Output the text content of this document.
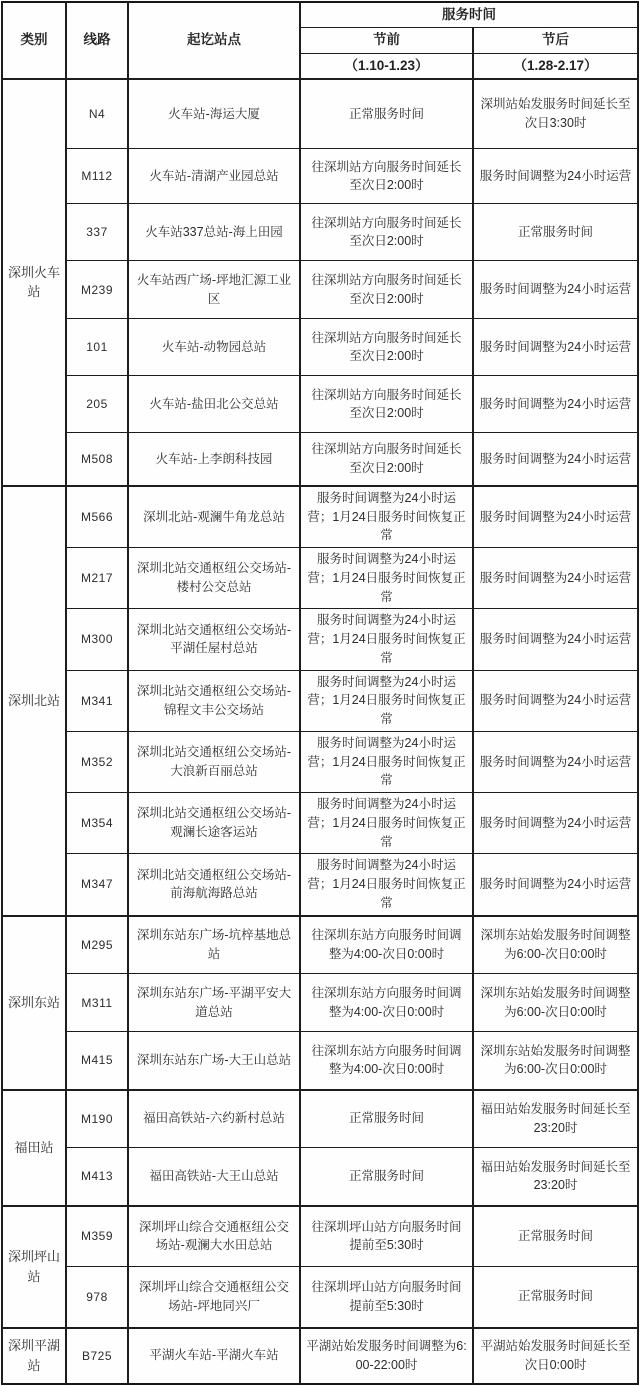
类别	线路	起讫站点	服务时间	
			节前	节后
			（1.10-1.23）	（1.28-2.17）
深圳火车站	N4	火车站-海运大厦	正常服务时间	深圳站始发服务时间延长至次日3:30时
	M112	火车站-清湖产业园总站	往深圳站方向服务时间延长至次日2:00时	服务时间调整为24小时运营
	337	火车站337总站-海上田园	往深圳站方向服务时间延长至次日2:00时	正常服务时间
	M239	火车站西广场-坪地汇源工业区	往深圳站方向服务时间延长至次日2:00时	服务时间调整为24小时运营
	101	火车站-动物园总站	往深圳站方向服务时间延长至次日2:00时	服务时间调整为24小时运营
	205	火车站-盐田北公交总站	往深圳站方向服务时间延长至次日2:00时	服务时间调整为24小时运营
	M508	火车站-上李朗科技园	往深圳站方向服务时间延长至次日2:00时	服务时间调整为24小时运营
深圳北站	M566	深圳北站-观澜牛角龙总站	服务时间调整为24小时运营；1月24日服务时间恢复正常	服务时间调整为24小时运营
	M217	深圳北站交通枢纽公交场站-楼村公交总站	服务时间调整为24小时运营；1月24日服务时间恢复正常	服务时间调整为24小时运营
	M300	深圳北站交通枢纽公交场站-平湖任屋村总站	服务时间调整为24小时运营；1月24日服务时间恢复正常	服务时间调整为24小时运营
	M341	深圳北站交通枢纽公交场站-锦程文丰公交场站	服务时间调整为24小时运营；1月24日服务时间恢复正常	服务时间调整为24小时运营
	M352	深圳北站交通枢纽公交场站-大浪新百丽总站	服务时间调整为24小时运营；1月24日服务时间恢复正常	服务时间调整为24小时运营
	M354	深圳北站交通枢纽公交场站-观澜长途客运站	服务时间调整为24小时运营；1月24日服务时间恢复正常	服务时间调整为24小时运营
	M347	深圳北站交通枢纽公交场站-前海航海路总站	服务时间调整为24小时运营；1月24日服务时间恢复正常	服务时间调整为24小时运营
深圳东站	M295	深圳东站东广场-坑梓基地总站	往深圳东站方向服务时间调整为4:00-次日0:00时	深圳东站始发服务时间调整为6:00-次日0:00时
	M311	深圳东站东广场-平湖平安大道总站	往深圳东站方向服务时间调整为4:00-次日0:00时	深圳东站始发服务时间调整为6:00-次日0:00时
	M415	深圳东站东广场-大王山总站	往深圳东站方向服务时间调整为4:00-次日0:00时	深圳东站始发服务时间调整为6:00-次日0:00时
福田站	M190	福田高铁站-六约新村总站	正常服务时间	福田站始发服务时间延长至23:20时
	M413	福田高铁站-大王山总站	正常服务时间	福田站始发服务时间延长至23:20时
深圳坪山站	M359	深圳坪山综合交通枢纽公交场站-观澜大水田总站	往深圳坪山站方向服务时间提前至5:30时	正常服务时间
	978	深圳坪山综合交通枢纽公交场站-坪地同兴厂	往深圳坪山站方向服务时间提前至5:30时	正常服务时间
深圳平湖站	B725	平湖火车站-平湖火车站	平湖站始发服务时间调整为6:00-22:00时	平湖站始发服务时间延长至次日0:00时
